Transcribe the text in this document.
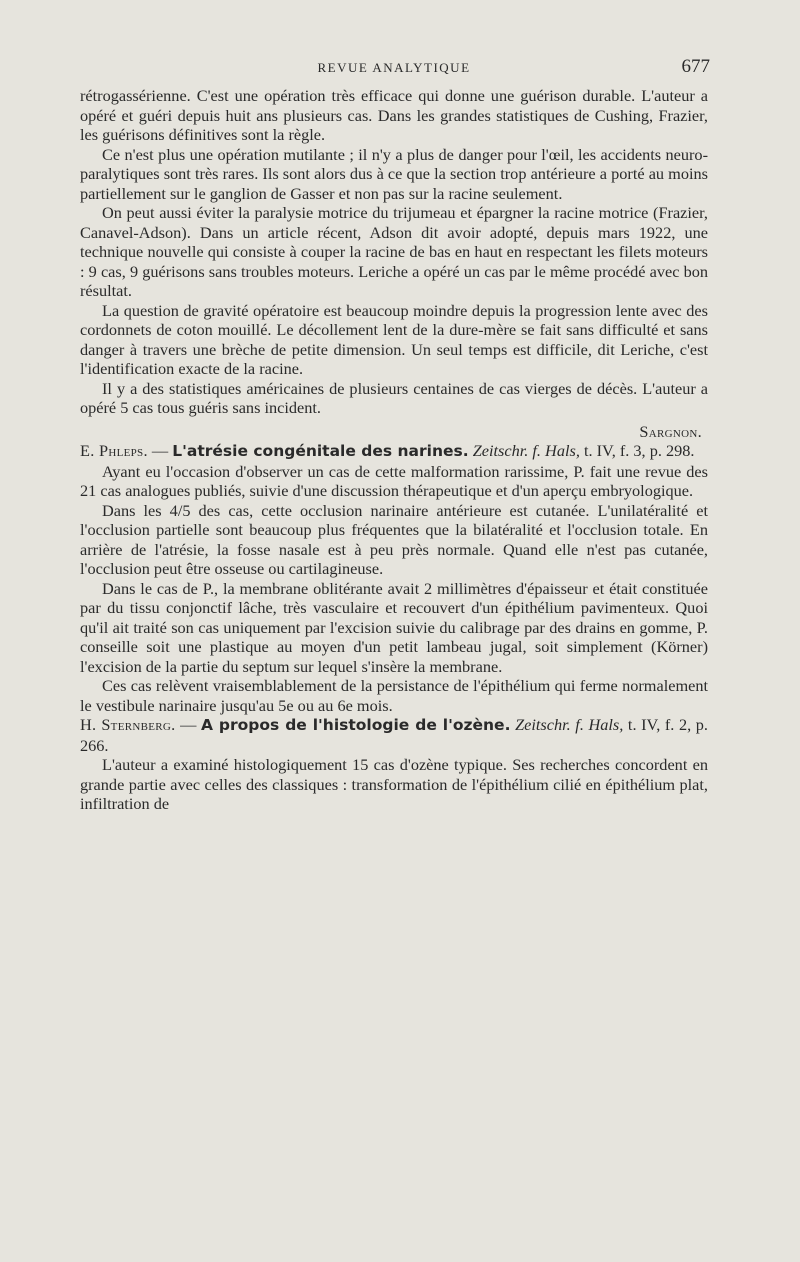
REVUE ANALYTIQUE	677

rétrogassérienne. C'est une opération très efficace qui donne une guérison durable. L'auteur a opéré et guéri depuis huit ans plusieurs cas. Dans les grandes statistiques de Cushing, Frazier, les guérisons définitives sont la règle.

Ce n'est plus une opération mutilante ; il n'y a plus de danger pour l'œil, les accidents neuro-paralytiques sont très rares. Ils sont alors dus à ce que la section trop antérieure a porté au moins partiellement sur le ganglion de Gasser et non pas sur la racine seulement.

On peut aussi éviter la paralysie motrice du trijumeau et épargner la racine motrice (Frazier, Canavel-Adson). Dans un article récent, Adson dit avoir adopté, depuis mars 1922, une technique nouvelle qui consiste à couper la racine de bas en haut en respectant les filets moteurs : 9 cas, 9 guérisons sans troubles moteurs. Leriche a opéré un cas par le même procédé avec bon résultat.

La question de gravité opératoire est beaucoup moindre depuis la progression lente avec des cordonnets de coton mouillé. Le décollement lent de la dure-mère se fait sans difficulté et sans danger à travers une brèche de petite dimension. Un seul temps est difficile, dit Leriche, c'est l'identification exacte de la racine.

Il y a des statistiques américaines de plusieurs centaines de cas vierges de décès. L'auteur a opéré 5 cas tous guéris sans incident.

Sargnon.

E. Phleps. — L'atrésie congénitale des narines. Zeitschr. f. Hals, t. IV, f. 3, p. 298.

Ayant eu l'occasion d'observer un cas de cette malformation rarissime, P. fait une revue des 21 cas analogues publiés, suivie d'une discussion thérapeutique et d'un aperçu embryologique.

Dans les 4/5 des cas, cette occlusion narinaire antérieure est cutanée. L'unilatéralité et l'occlusion partielle sont beaucoup plus fréquentes que la bilatéralité et l'occlusion totale. En arrière de l'atrésie, la fosse nasale est à peu près normale. Quand elle n'est pas cutanée, l'occlusion peut être osseuse ou cartilagineuse.

Dans le cas de P., la membrane oblitérante avait 2 millimètres d'épaisseur et était constituée par du tissu conjonctif lâche, très vasculaire et recouvert d'un épithélium pavimenteux. Quoi qu'il ait traité son cas uniquement par l'excision suivie du calibrage par des drains en gomme, P. conseille soit une plastique au moyen d'un petit lambeau jugal, soit simplement (Körner) l'excision de la partie du septum sur lequel s'insère la membrane.

Ces cas relèvent vraisemblablement de la persistance de l'épithélium qui ferme normalement le vestibule narinaire jusqu'au 5e ou au 6e mois.

H. Sternberg. — A propos de l'histologie de l'ozène. Zeitschr. f. Hals, t. IV, f. 2, p. 266.

L'auteur a examiné histologiquement 15 cas d'ozène typique. Ses recherches concordent en grande partie avec celles des classiques : transformation de l'épithélium cilié en épithélium plat, infiltration de
